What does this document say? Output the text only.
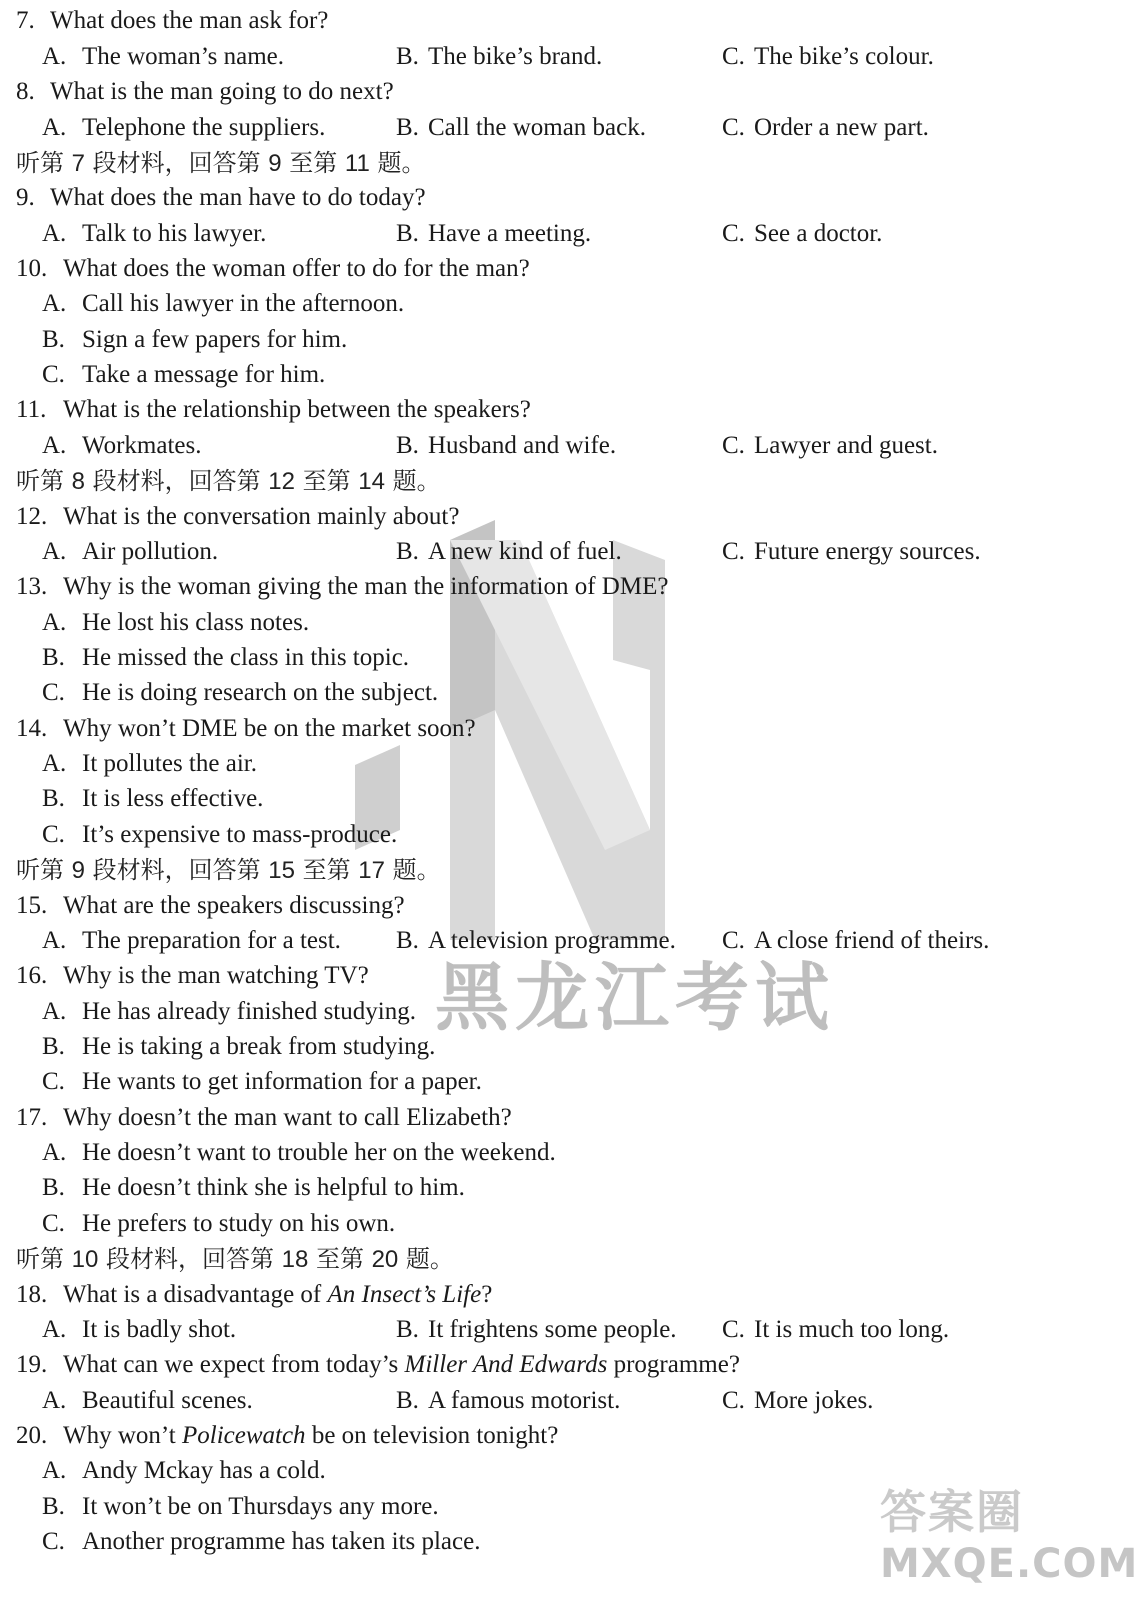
7. What does the man ask for?
A. The woman’s name.	B. The bike’s brand.	C. The bike’s colour.
8. What is the man going to do next?
A. Telephone the suppliers.	B. Call the woman back.	C. Order a new part.
听第 7 段材料，回答第 9 至第 11 题。
9. What does the man have to do today?
A. Talk to his lawyer.	B. Have a meeting.	C. See a doctor.
10. What does the woman offer to do for the man?
A. Call his lawyer in the afternoon.
B. Sign a few papers for him.
C. Take a message for him.
11. What is the relationship between the speakers?
A. Workmates.	B. Husband and wife.	C. Lawyer and guest.
听第 8 段材料，回答第 12 至第 14 题。
12. What is the conversation mainly about?
A. Air pollution.	B. A new kind of fuel.	C. Future energy sources.
13. Why is the woman giving the man the information of DME?
A. He lost his class notes.
B. He missed the class in this topic.
C. He is doing research on the subject.
14. Why won’t DME be on the market soon?
A. It pollutes the air.
B. It is less effective.
C. It’s expensive to mass-produce.
听第 9 段材料，回答第 15 至第 17 题。
15. What are the speakers discussing?
A. The preparation for a test. B. A television programme. C. A close friend of theirs.
16. Why is the man watching TV?
A. He has already finished studying.
B. He is taking a break from studying.
C. He wants to get information for a paper.
17. Why doesn’t the man want to call Elizabeth?
A. He doesn’t want to trouble her on the weekend.
B. He doesn’t think she is helpful to him.
C. He prefers to study on his own.
听第 10 段材料，回答第 18 至第 20 题。
18. What is a disadvantage of An Insect’s Life?
A. It is badly shot.	B. It frightens some people. C. It is much too long.
19. What can we expect from today’s Miller And Edwards programme?
A. Beautiful scenes.	B. A famous motorist.	C. More jokes.
20. Why won’t Policewatch be on television tonight?
A. Andy Mckay has a cold.
B. It won’t be on Thursdays any more.
C. Another programme has taken its place.
黑龙江考试
答案圈
MXQE.COM
